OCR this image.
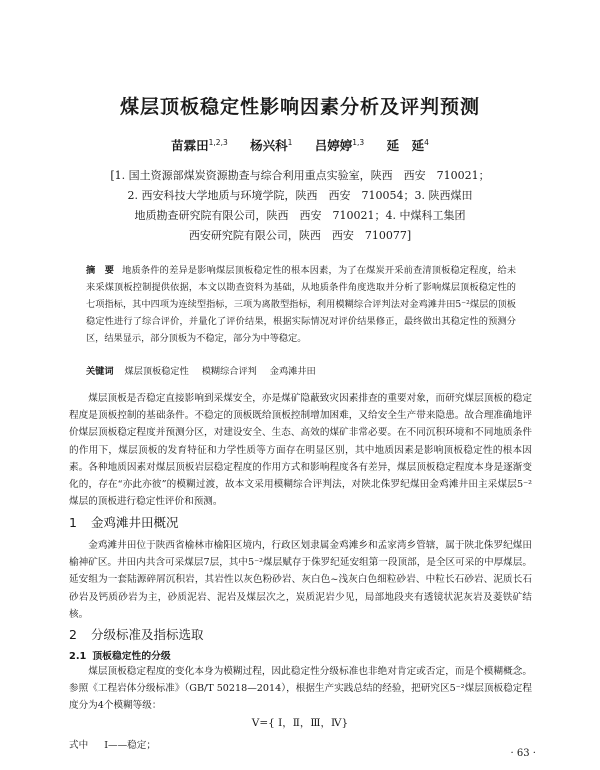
煤层顶板稳定性影响因素分析及评判预测
苗霖田$^{1,2,3}$ 杨兴科$^1$ 吕婷婷$^{1,3}$ 延　延$^4$
[1. 国土资源部煤炭资源勘查与综合利用重点实验室，陕西　西安　710021；
2. 西安科技大学地质与环境学院，陕西　西安　710054；3. 陕西煤田
地质勘查研究院有限公司，陕西　西安　710021；4. 中煤科工集团
西安研究院有限公司，陕西　西安　710077]
摘　要 地质条件的差异是影响煤层顶板稳定性的根本因素，为了在煤炭开采前查清顶板稳定程度，给未来采煤顶板控制提供依据，本文以勘查资料为基础，从地质条件角度选取并分析了影响煤层顶板稳定性的七项指标，其中四项为连续型指标，三项为离散型指标，利用模糊综合评判法对金鸡滩井田5⁻²煤层的顶板稳定性进行了综合评价，并量化了评价结果，根据实际情况对评价结果修正，最终做出其稳定性的预测分区，结果显示，部分顶板为不稳定，部分为中等稳定。
关键词 煤层顶板稳定性 模糊综合评判 金鸡滩井田

煤层顶板是否稳定直接影响到采煤安全，亦是煤矿隐蔽致灾因素排查的重要对象，而研究煤层顶板的稳定程度是顶板控制的基础条件。不稳定的顶板既给顶板控制增加困难，又给安全生产带来隐患。故合理准确地评价煤层顶板稳定程度并预测分区，对建设安全、生态、高效的煤矿非常必要。在不同沉积环境和不同地质条件的作用下，煤层顶板的发育特征和力学性质等方面存在明显区别，其中地质因素是影响顶板稳定性的根本因素。各种地质因素对煤层顶板岩层稳定程度的作用方式和影响程度各有差异，煤层顶板稳定程度本身是逐渐变化的，存在“亦此亦彼”的模糊过渡，故本文采用模糊综合评判法，对陕北侏罗纪煤田金鸡滩井田主采煤层5⁻²煤层的顶板进行稳定性评价和预测。

1 金鸡滩井田概况

金鸡滩井田位于陕西省榆林市榆阳区境内，行政区划隶属金鸡滩乡和孟家湾乡管辖，属于陕北侏罗纪煤田榆神矿区。井田内共含可采煤层7层，其中5⁻²煤层赋存于侏罗纪延安组第一段顶部，是全区可采的中厚煤层。延安组为一套陆源碎屑沉积岩，其岩性以灰色粉砂岩、灰白色~浅灰白色细粒砂岩、中粒长石砂岩、泥质长石砂岩及钙质砂岩为主，砂质泥岩、泥岩及煤层次之，炭质泥岩少见，局部地段夹有透镜状泥灰岩及菱铁矿结核。

2 分级标准及指标选取
2.1 顶板稳定性的分级

煤层顶板稳定程度的变化本身为模糊过程，因此稳定性分级标准也非绝对肯定或否定，而是个模糊概念。参照《工程岩体分级标准》（GB/T 50218—2014），根据生产实践总结的经验，把研究区5⁻²煤层顶板稳定程度分为4个模糊等级：

V={ Ⅰ，Ⅱ，Ⅲ，Ⅳ}
式中 Ⅰ——稳定；
· 63 ·
